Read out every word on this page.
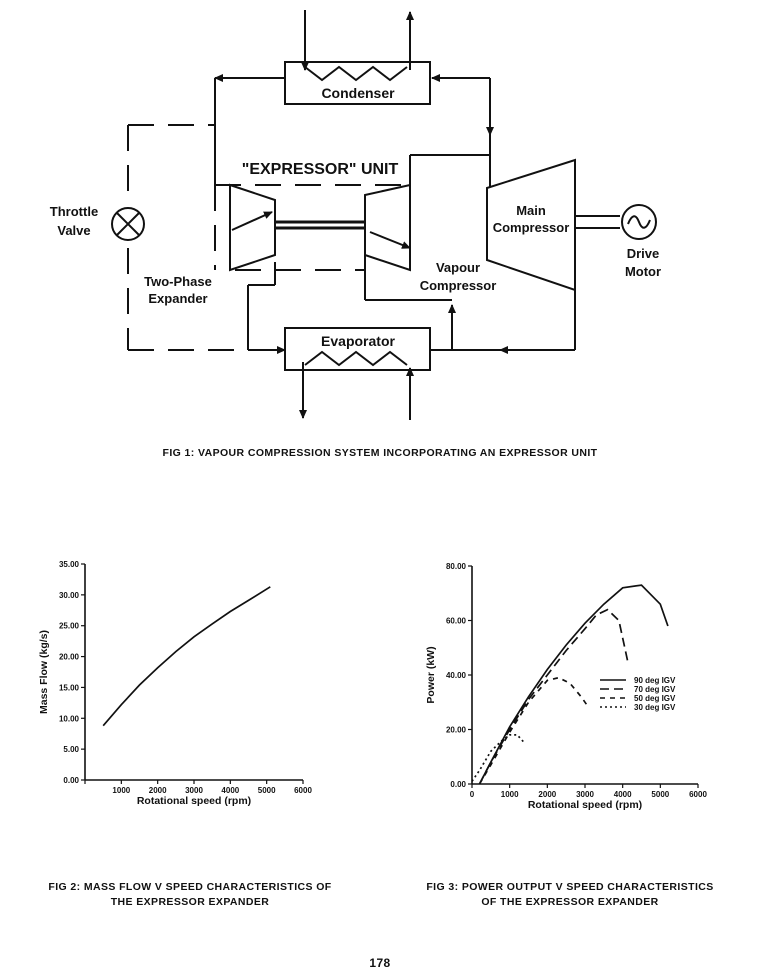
Condenser
Evaporator
"EXPRESSOR" UNIT
Throttle
Valve
Two-Phase
Expander
Vapour
Compressor
Main
Compressor
Drive
Motor
FIG 1: VAPOUR COMPRESSION SYSTEM INCORPORATING AN EXPRESSOR UNIT
0.00
5.00
10.00
15.00
20.00
25.00
30.00
35.00
1000 2000 3000 4000 5000 6000
Rotational speed (rpm)
Mass Flow (kg/s)
0.00
20.00
40.00
60.00
80.00
0	1000 2000 3000 4000 5000 6000
Rotational speed (rpm)
Power (kW)	90 deg IGV
70 deg IGV
50 deg IGV
30 deg IGV
FIG 2: MASS FLOW V SPEED CHARACTERISTICS OF
THE EXPRESSOR EXPANDER
FIG 3: POWER OUTPUT V SPEED CHARACTERISTICS
OF THE EXPRESSOR EXPANDER
178
